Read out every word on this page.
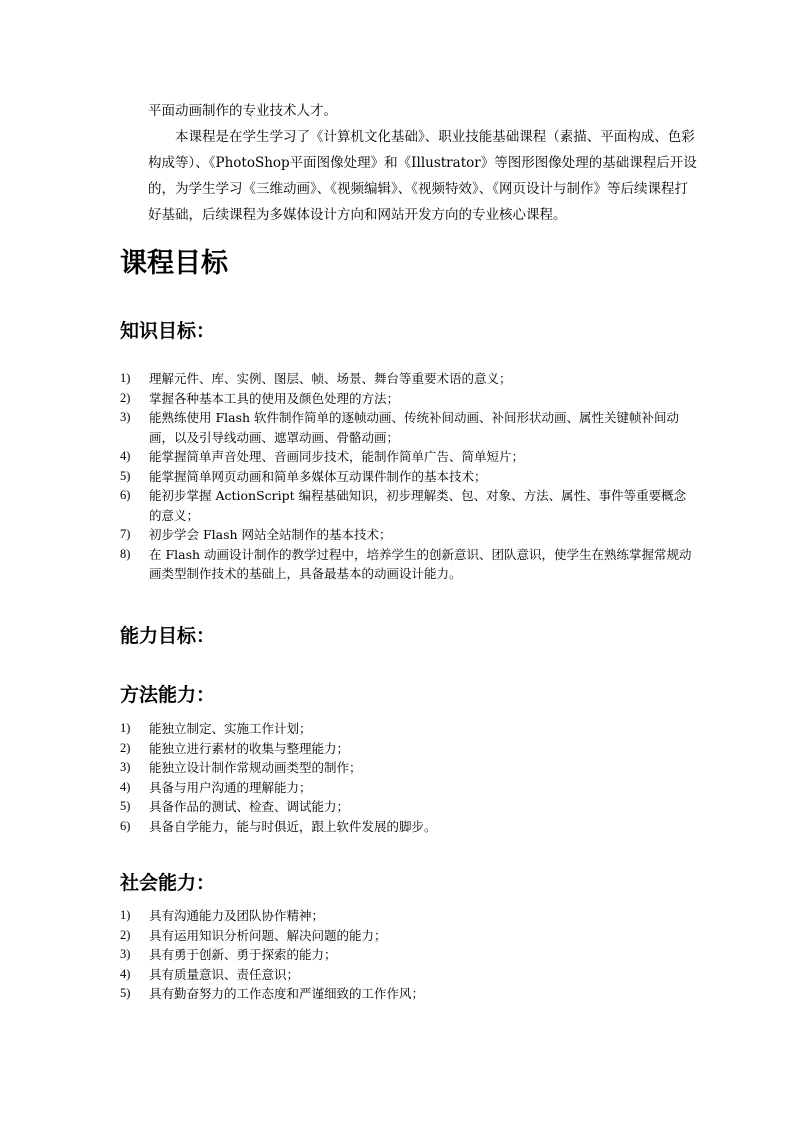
平面动画制作的专业技术人才。

本课程是在学生学习了《计算机文化基础》、职业技能基础课程（素描、平面构成、色彩构成等）、《PhotoShop平面图像处理》和《Illustrator》等图形图像处理的基础课程后开设的，为学生学习《三维动画》、《视频编辑》、《视频特效》、《网页设计与制作》等后续课程打好基础，后续课程为多媒体设计方向和网站开发方向的专业核心课程。

课程目标
知识目标：
1) 理解元件、库、实例、图层、帧、场景、舞台等重要术语的意义；
2) 掌握各种基本工具的使用及颜色处理的方法；
3) 能熟练使用 Flash 软件制作简单的逐帧动画、传统补间动画、补间形状动画、属性关键帧补间动画，以及引导线动画、遮罩动画、骨骼动画；
4) 能掌握简单声音处理、音画同步技术，能制作简单广告、简单短片；
5) 能掌握简单网页动画和简单多媒体互动课件制作的基本技术；
6) 能初步掌握 ActionScript 编程基础知识，初步理解类、包、对象、方法、属性、事件等重要概念的意义；
7) 初步学会 Flash 网站全站制作的基本技术；
8) 在 Flash 动画设计制作的教学过程中，培养学生的创新意识、团队意识，使学生在熟练掌握常规动画类型制作技术的基础上，具备最基本的动画设计能力。
能力目标：
方法能力：
1) 能独立制定、实施工作计划；
2) 能独立进行素材的收集与整理能力；
3) 能独立设计制作常规动画类型的制作；
4) 具备与用户沟通的理解能力；
5) 具备作品的测试、检查、调试能力；
6) 具备自学能力，能与时俱近，跟上软件发展的脚步。
社会能力：
1) 具有沟通能力及团队协作精神；
2) 具有运用知识分析问题、解决问题的能力；
3) 具有勇于创新、勇于探索的能力；
4) 具有质量意识、责任意识；
5) 具有勤奋努力的工作态度和严谨细致的工作作风；
